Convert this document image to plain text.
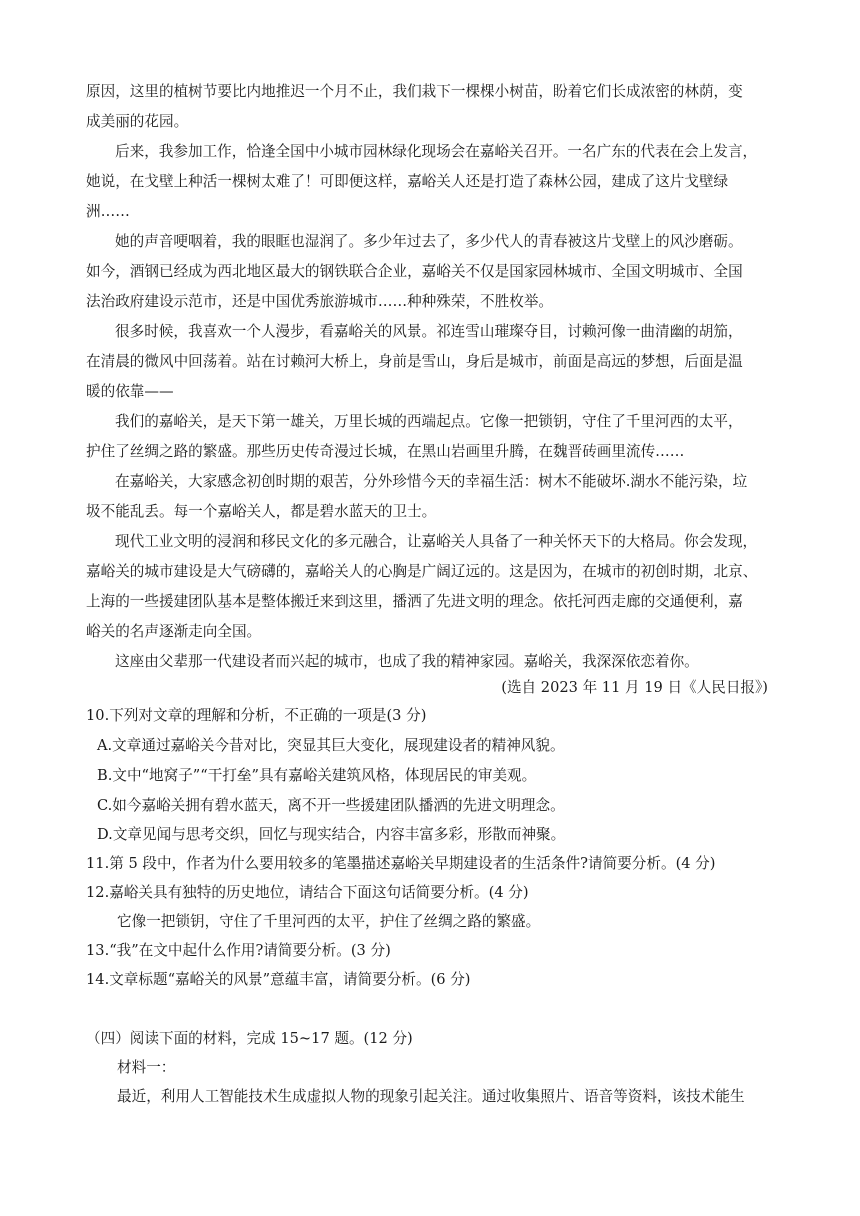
原因，这里的植树节要比内地推迟一个月不止，我们栽下一棵棵小树苗，盼着它们长成浓密的林荫，变
成美丽的花园。
后来，我参加工作，恰逢全国中小城市园林绿化现场会在嘉峪关召开。一名广东的代表在会上发言，
她说，在戈壁上种活一棵树太难了！可即便这样，嘉峪关人还是打造了森林公园，建成了这片戈壁绿
洲……
她的声音哽咽着，我的眼眶也湿润了。多少年过去了，多少代人的青春被这片戈壁上的风沙磨砺。
如今，酒钢已经成为西北地区最大的钢铁联合企业，嘉峪关不仅是国家园林城市、全国文明城市、全国
法治政府建设示范市，还是中国优秀旅游城市……种种殊荣，不胜枚举。
很多时候，我喜欢一个人漫步，看嘉峪关的风景。祁连雪山璀璨夺目，讨赖河像一曲清幽的胡笳，
在清晨的微风中回荡着。站在讨赖河大桥上，身前是雪山，身后是城市，前面是高远的梦想，后面是温
暖的依靠——
我们的嘉峪关，是天下第一雄关，万里长城的西端起点。它像一把锁钥，守住了千里河西的太平，
护住了丝绸之路的繁盛。那些历史传奇漫过长城，在黑山岩画里升腾，在魏晋砖画里流传……
在嘉峪关，大家感念初创时期的艰苦，分外珍惜今天的幸福生活：树木不能破坏.湖水不能污染，垃
圾不能乱丢。每一个嘉峪关人，都是碧水蓝天的卫士。
现代工业文明的浸润和移民文化的多元融合，让嘉峪关人具备了一种关怀天下的大格局。你会发现，
嘉峪关的城市建设是大气磅礴的，嘉峪关人的心胸是广阔辽远的。这是因为，在城市的初创时期，北京、
上海的一些援建团队基本是整体搬迁来到这里，播洒了先进文明的理念。依托河西走廊的交通便利，嘉
峪关的名声逐渐走向全国。
这座由父辈那一代建设者而兴起的城市，也成了我的精神家园。嘉峪关，我深深依恋着你。
(选自 2023 年 11 月 19 日《人民日报》)
10.下列对文章的理解和分析，不正确的一项是(3 分)
A.文章通过嘉峪关今昔对比，突显其巨大变化，展现建设者的精神风貌。
B.文中“地窝子”“干打垒”具有嘉峪关建筑风格，体现居民的审美观。
C.如今嘉峪关拥有碧水蓝天，离不开一些援建团队播洒的先进文明理念。
D.文章见闻与思考交织，回忆与现实结合，内容丰富多彩，形散而神聚。
11.第 5 段中，作者为什么要用较多的笔墨描述嘉峪关早期建设者的生活条件?请简要分析。(4 分)
12.嘉峪关具有独特的历史地位，请结合下面这句话简要分析。(4 分)
它像一把锁钥，守住了千里河西的太平，护住了丝绸之路的繁盛。
13.“我”在文中起什么作用?请简要分析。(3 分)
14.文章标题“嘉峪关的风景”意蕴丰富，请简要分析。(6 分)
（四）阅读下面的材料，完成 15~17 题。(12 分)
材料一：
最近，利用人工智能技术生成虚拟人物的现象引起关注。通过收集照片、语音等资料，该技术能生
